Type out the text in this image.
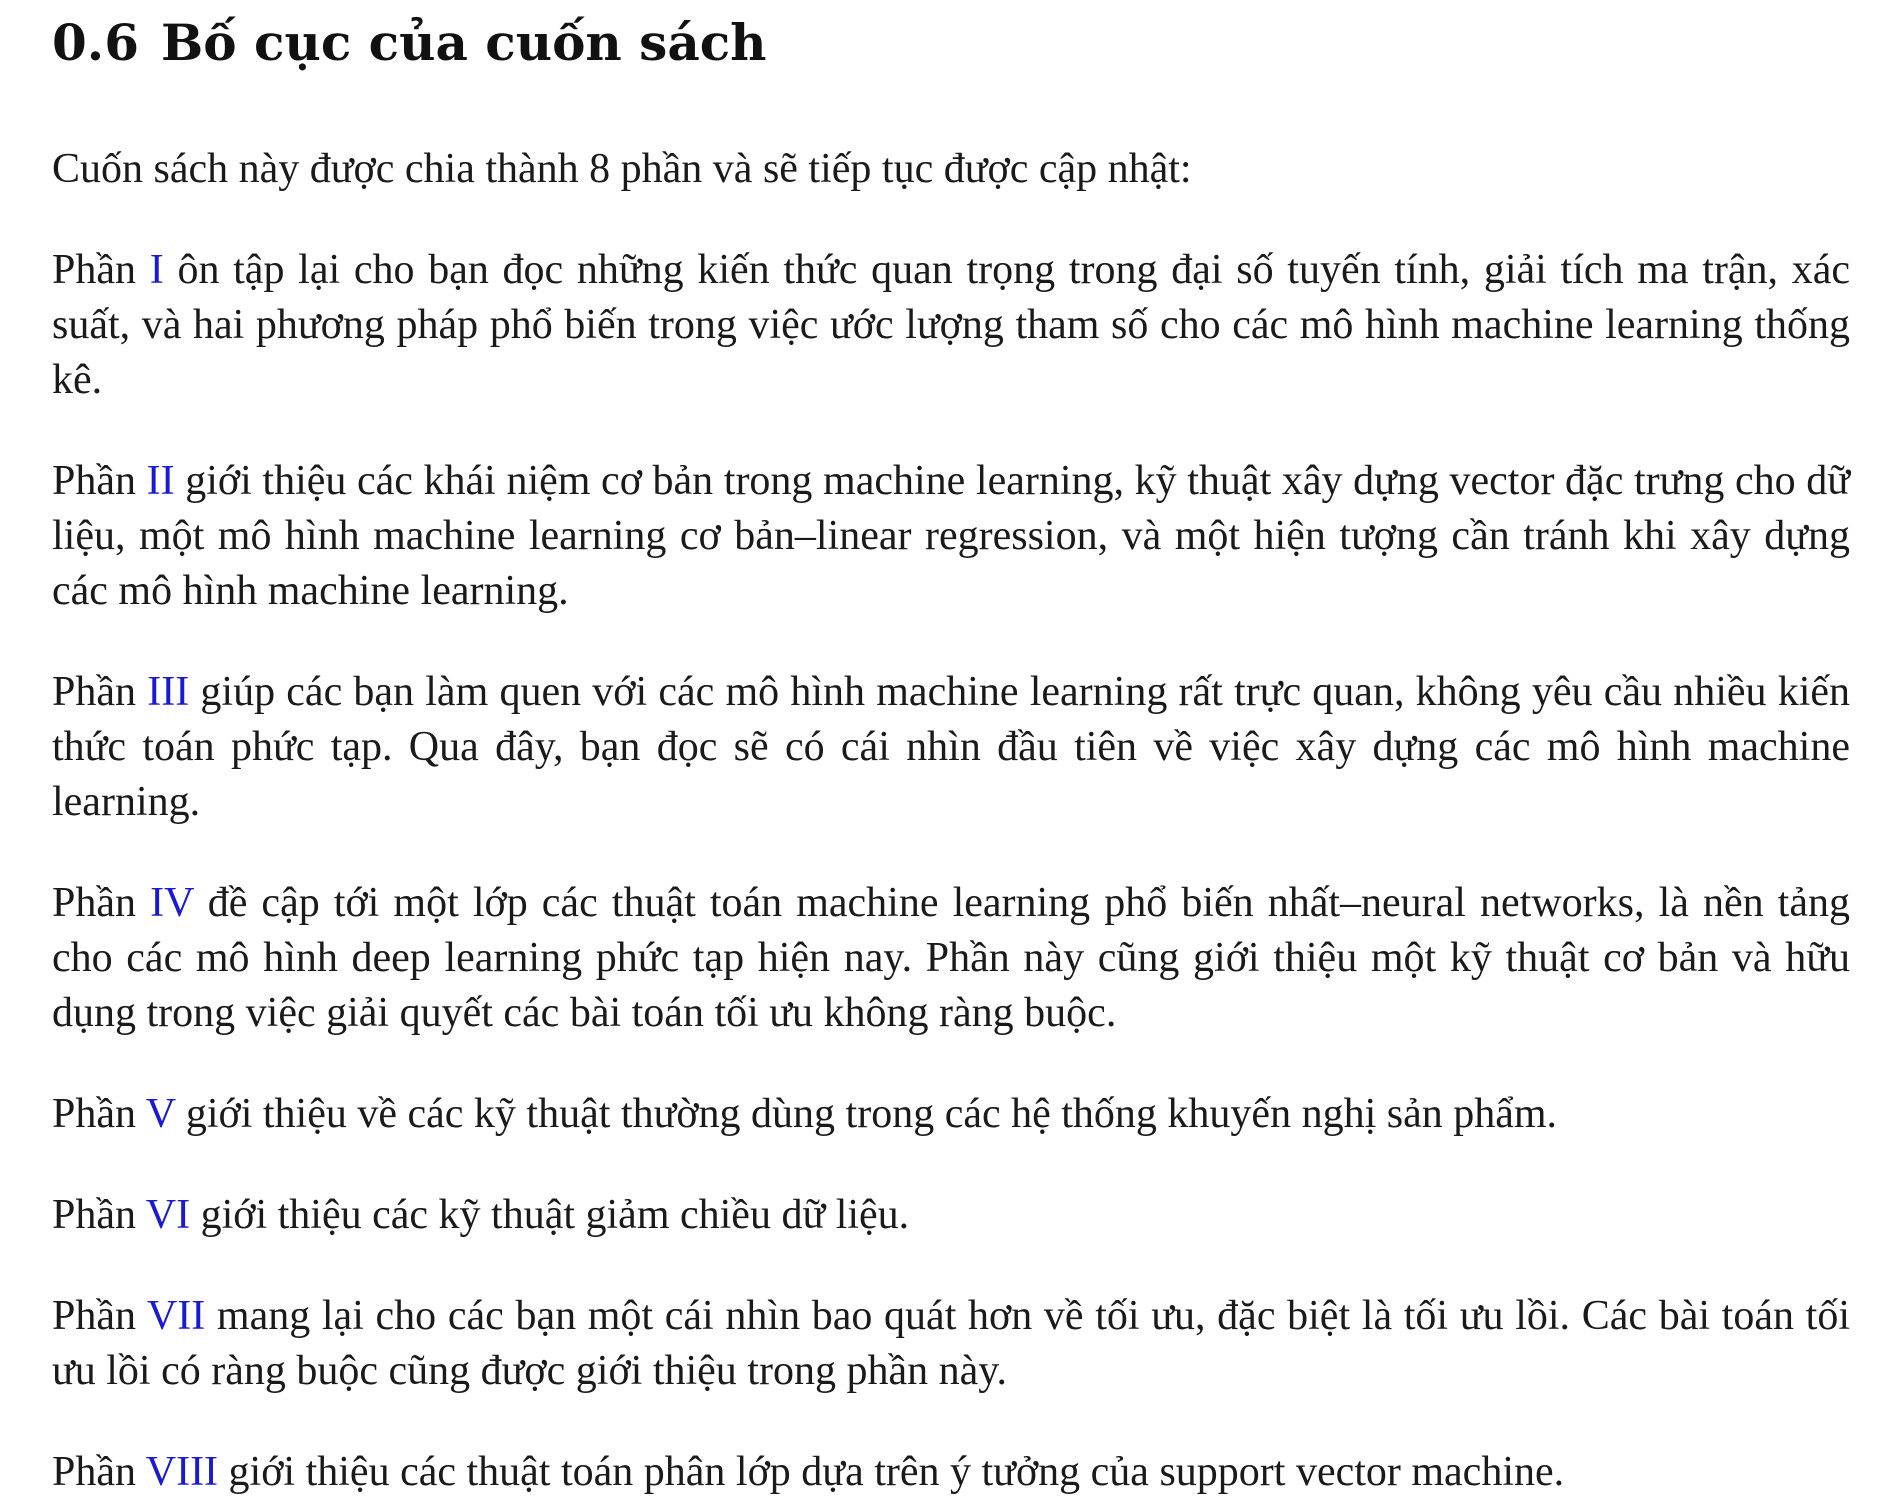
0.6 Bố cục của cuốn sách

Cuốn sách này được chia thành 8 phần và sẽ tiếp tục được cập nhật:

Phần I ôn tập lại cho bạn đọc những kiến thức quan trọng trong đại số tuyến tính, giải tích ma trận, xác suất, và hai phương pháp phổ biến trong việc ước lượng tham số cho các mô hình machine learning thống kê.

Phần II giới thiệu các khái niệm cơ bản trong machine learning, kỹ thuật xây dựng vector đặc trưng cho dữ liệu, một mô hình machine learning cơ bản–linear regression, và một hiện tượng cần tránh khi xây dựng các mô hình machine learning.

Phần III giúp các bạn làm quen với các mô hình machine learning rất trực quan, không yêu cầu nhiều kiến thức toán phức tạp. Qua đây, bạn đọc sẽ có cái nhìn đầu tiên về việc xây dựng các mô hình machine learning.

Phần IV đề cập tới một lớp các thuật toán machine learning phổ biến nhất–neural networks, là nền tảng cho các mô hình deep learning phức tạp hiện nay. Phần này cũng giới thiệu một kỹ thuật cơ bản và hữu dụng trong việc giải quyết các bài toán tối ưu không ràng buộc.

Phần V giới thiệu về các kỹ thuật thường dùng trong các hệ thống khuyến nghị sản phẩm.

Phần VI giới thiệu các kỹ thuật giảm chiều dữ liệu.

Phần VII mang lại cho các bạn một cái nhìn bao quát hơn về tối ưu, đặc biệt là tối ưu lồi. Các bài toán tối ưu lồi có ràng buộc cũng được giới thiệu trong phần này.

Phần VIII giới thiệu các thuật toán phân lớp dựa trên ý tưởng của support vector machine.
